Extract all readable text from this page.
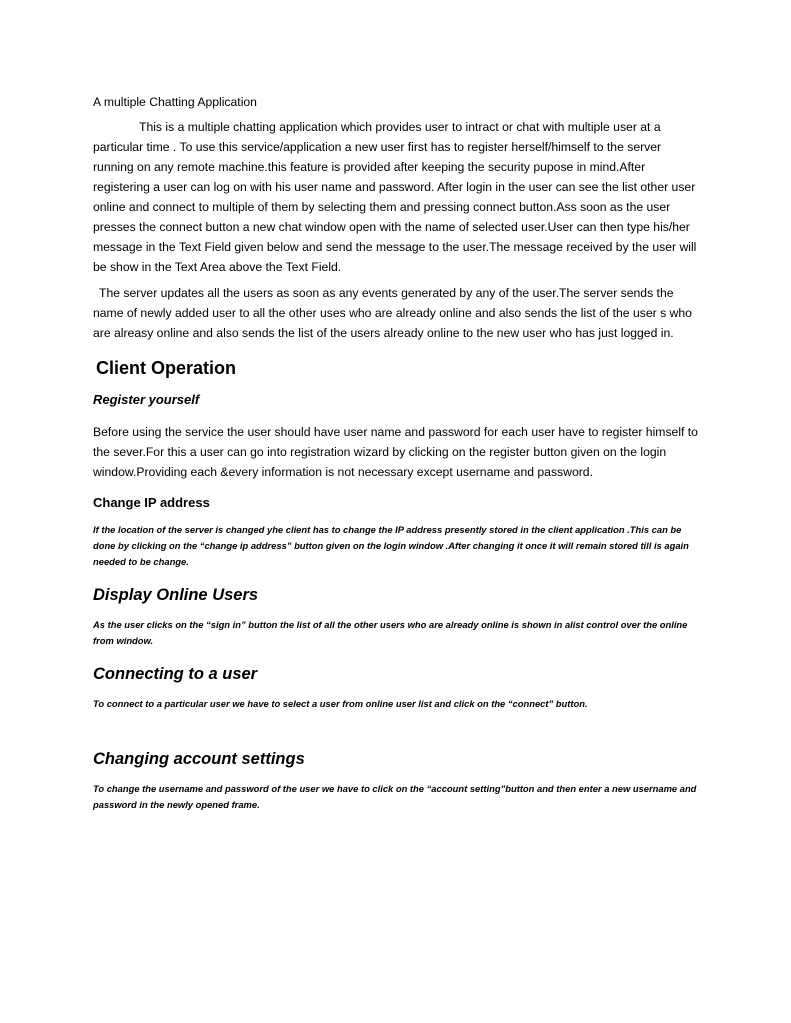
A multiple Chatting Application

This is a multiple chatting application which provides user to intract or chat with multiple user at a particular time . To use this service/application a new user first has to register herself/himself to the server running on any remote machine.this feature is provided after keeping the security pupose in mind.After registering a user can log on with his user name and password. After login in the user can see the list other user online and connect to multiple of them by selecting them and pressing connect button.Ass soon as the user presses the connect button a new chat window open with the name of selected user.User can then type his/her message in the Text Field given below and send the message to the user.The message received by the user will be show in the Text Area above the Text Field.

The server updates all the users as soon as any events generated by any of the user.The server sends the name of newly added user to all the other uses who are already online and also sends the list of the user s who are alreasy online and also sends the list of the users already online to the new user who has just logged in.

Client Operation
Register yourself

Before using the service the user should have user name and password for each user have to register himself to the sever.For this a user can go into registration wizard by clicking on the register button given on the login window.Providing each &every information is not necessary except username and password.

Change IP address

If the location of the server is changed yhe client has to change the IP address presently stored in the client application .This can be done by clicking on the “change ip address” button given on the login window .After changing it once it will remain stored till is again needed to be change.

Display Online Users

As the user clicks on the “sign in” button the list of all the other users who are already online is shown in alist control over the online from window.

Connecting to a user

To connect to a particular user we have to select a user from online user list and click on the “connect” button.

Changing account settings

To change the username and password of the user we have to click on the “account setting”button and then enter a new username and password in the newly opened frame.
